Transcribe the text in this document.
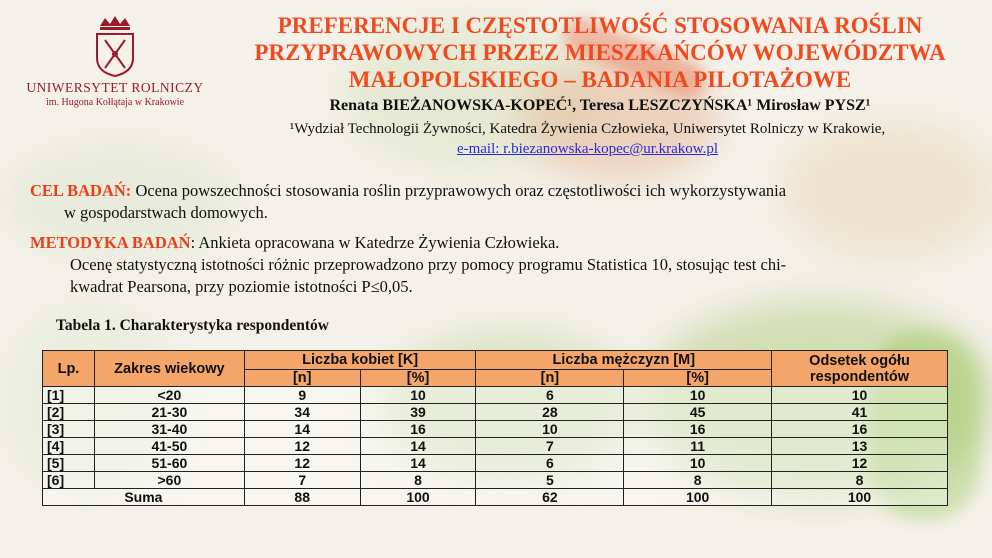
UNIWERSYTET ROLNICZY
im. Hugona Kołłątaja w Krakowie
PREFERENCJE I CZĘSTOTLIWOŚĆ STOSOWANIA ROŚLIN
PRZYPRAWOWYCH PRZEZ MIESZKAŃCÓW WOJEWÓDZTWA
MAŁOPOLSKIEGO – BADANIA PILOTAŻOWE
Renata BIEŻANOWSKA-KOPEĆ¹, Teresa LESZCZYŃSKA¹ Mirosław PYSZ¹
¹Wydział Technologii Żywności, Katedra Żywienia Człowieka, Uniwersytet Rolniczy w Krakowie,
e-mail: r.biezanowska-kopec@ur.krakow.pl
CEL BADAŃ: Ocena powszechności stosowania roślin przyprawowych oraz częstotliwości ich wykorzystywania
w gospodarstwach domowych.
METODYKA BADAŃ: Ankieta opracowana w Katedrze Żywienia Człowieka.
Ocenę statystyczną istotności różnic przeprowadzono przy pomocy programu Statistica 10, stosując test chi-
kwadrat Pearsona, przy poziomie istotności P≤0,05.
Tabela 1. Charakterystyka respondentów
Lp.	Zakres wiekowy	Liczba kobiet [K]		Liczba mężczyzn [M]		Odsetek ogółu respondentów
		[n]	[%]	[n]	[%]	
[1]	<20	9	10	6	10	10
[2]	21-30	34	39	28	45	41
[3]	31-40	14	16	10	16	16
[4]	41-50	12	14	7	11	13
[5]	51-60	12	14	6	10	12
[6]	>60	7	8	5	8	8
Suma		88	100	62	100	100
